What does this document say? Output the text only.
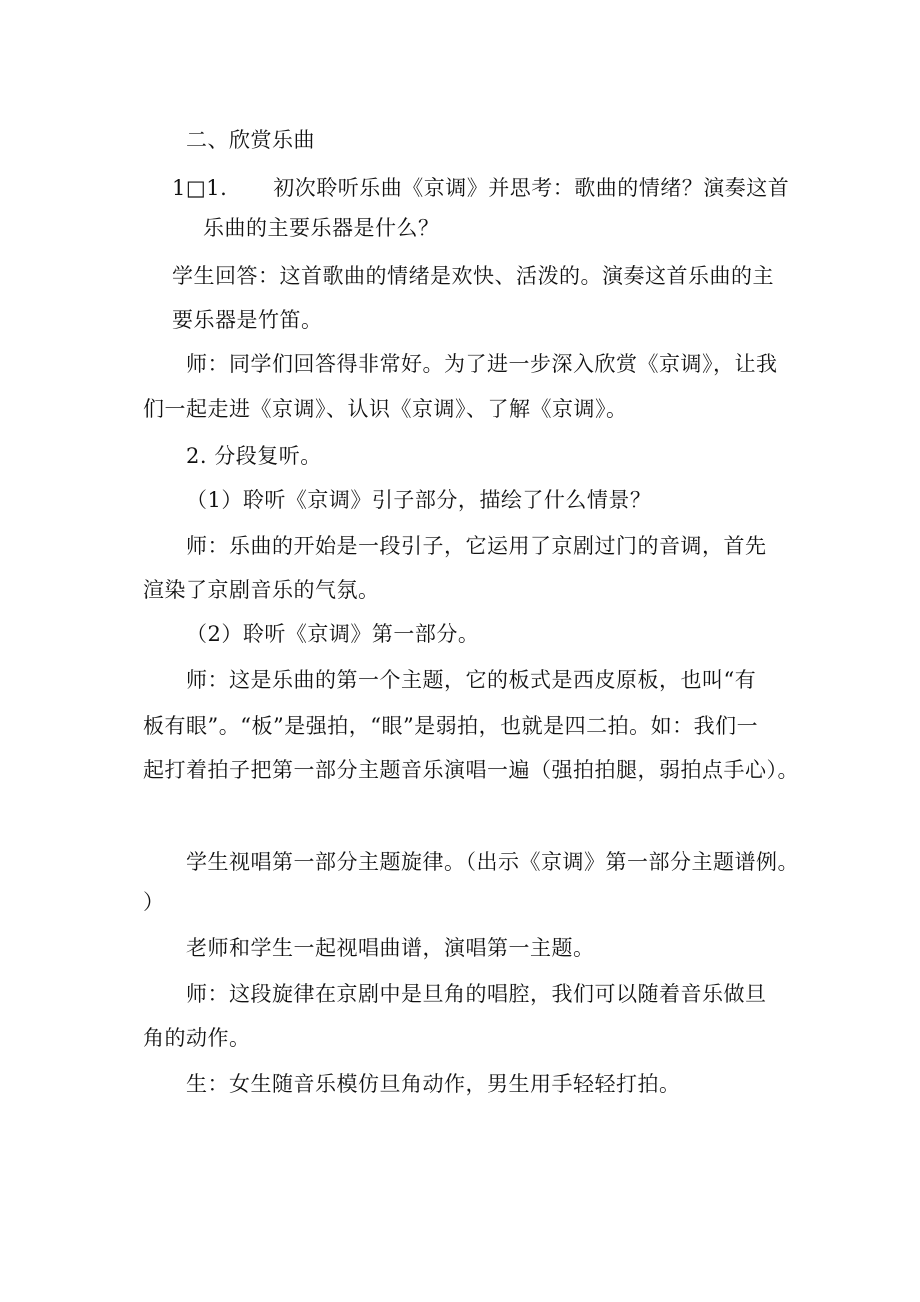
二、欣赏乐曲
1□1. 初次聆听乐曲《京调》并思考：歌曲的情绪？演奏这首
乐曲的主要乐器是什么？
学生回答：这首歌曲的情绪是欢快、活泼的。演奏这首乐曲的主
要乐器是竹笛。
师：同学们回答得非常好。为了进一步深入欣赏《京调》，让我
们一起走进《京调》、认识《京调》、了解《京调》。
2. 分段复听。
（1）聆听《京调》引子部分，描绘了什么情景？
师：乐曲的开始是一段引子，它运用了京剧过门的音调，首先
渲染了京剧音乐的气氛。
（2）聆听《京调》第一部分。
师：这是乐曲的第一个主题，它的板式是西皮原板，也叫“有
板有眼”。“板”是强拍，“眼”是弱拍，也就是四二拍。如：我们一
起打着拍子把第一部分主题音乐演唱一遍（强拍拍腿，弱拍点手心）。
学生视唱第一部分主题旋律。（出示《京调》第一部分主题谱例。
）
老师和学生一起视唱曲谱，演唱第一主题。
师：这段旋律在京剧中是旦角的唱腔，我们可以随着音乐做旦
角的动作。
生：女生随音乐模仿旦角动作，男生用手轻轻打拍。
